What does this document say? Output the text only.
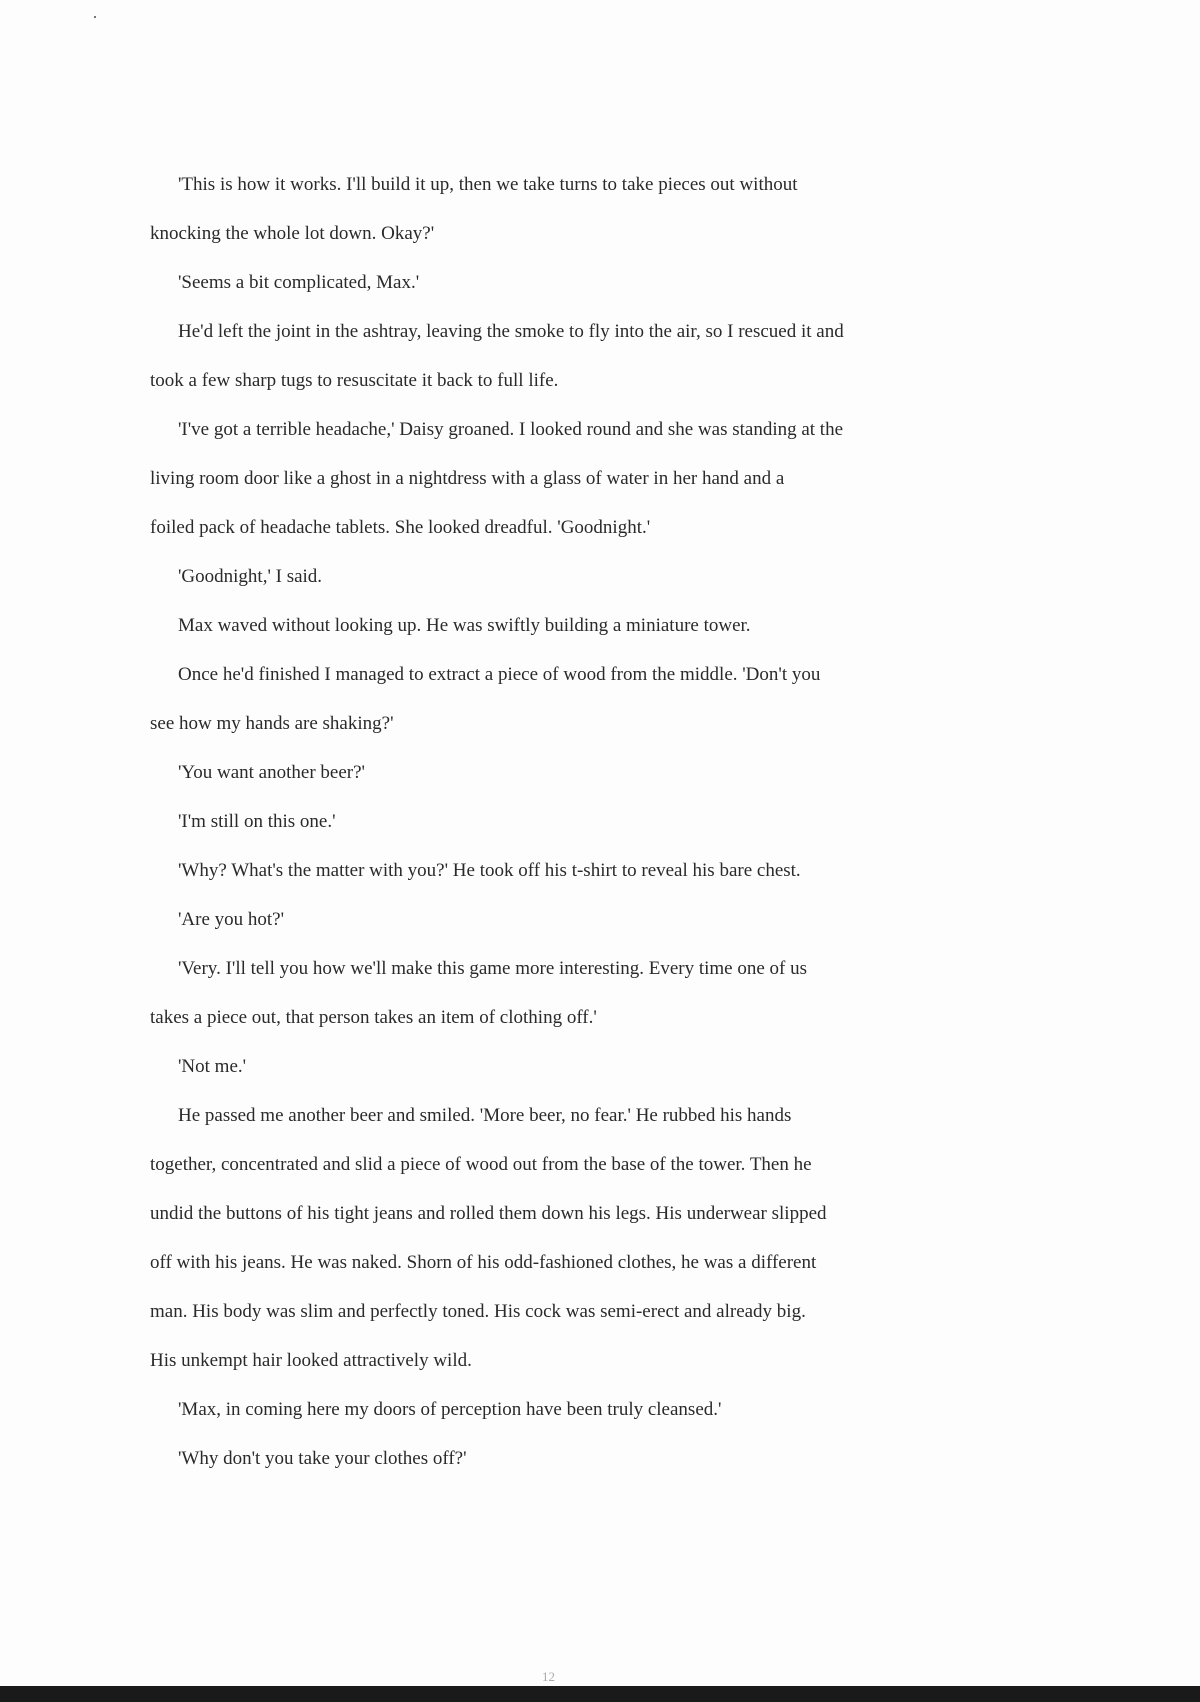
'This is how it works. I'll build it up, then we take turns to take pieces out without
knocking the whole lot down. Okay?'
'Seems a bit complicated, Max.'
He'd left the joint in the ashtray, leaving the smoke to fly into the air, so I rescued it and
took a few sharp tugs to resuscitate it back to full life.
'I've got a terrible headache,' Daisy groaned. I looked round and she was standing at the
living room door like a ghost in a nightdress with a glass of water in her hand and a
foiled pack of headache tablets. She looked dreadful. 'Goodnight.'
'Goodnight,' I said.
Max waved without looking up. He was swiftly building a miniature tower.
Once he'd finished I managed to extract a piece of wood from the middle. 'Don't you
see how my hands are shaking?'
'You want another beer?'
'I'm still on this one.'
'Why? What's the matter with you?' He took off his t-shirt to reveal his bare chest.
'Are you hot?'
'Very. I'll tell you how we'll make this game more interesting. Every time one of us
takes a piece out, that person takes an item of clothing off.'
'Not me.'
He passed me another beer and smiled. 'More beer, no fear.' He rubbed his hands
together, concentrated and slid a piece of wood out from the base of the tower. Then he
undid the buttons of his tight jeans and rolled them down his legs. His underwear slipped
off with his jeans. He was naked. Shorn of his odd-fashioned clothes, he was a different
man. His body was slim and perfectly toned. His cock was semi-erect and already big.
His unkempt hair looked attractively wild.
'Max, in coming here my doors of perception have been truly cleansed.'
'Why don't you take your clothes off?'
12
